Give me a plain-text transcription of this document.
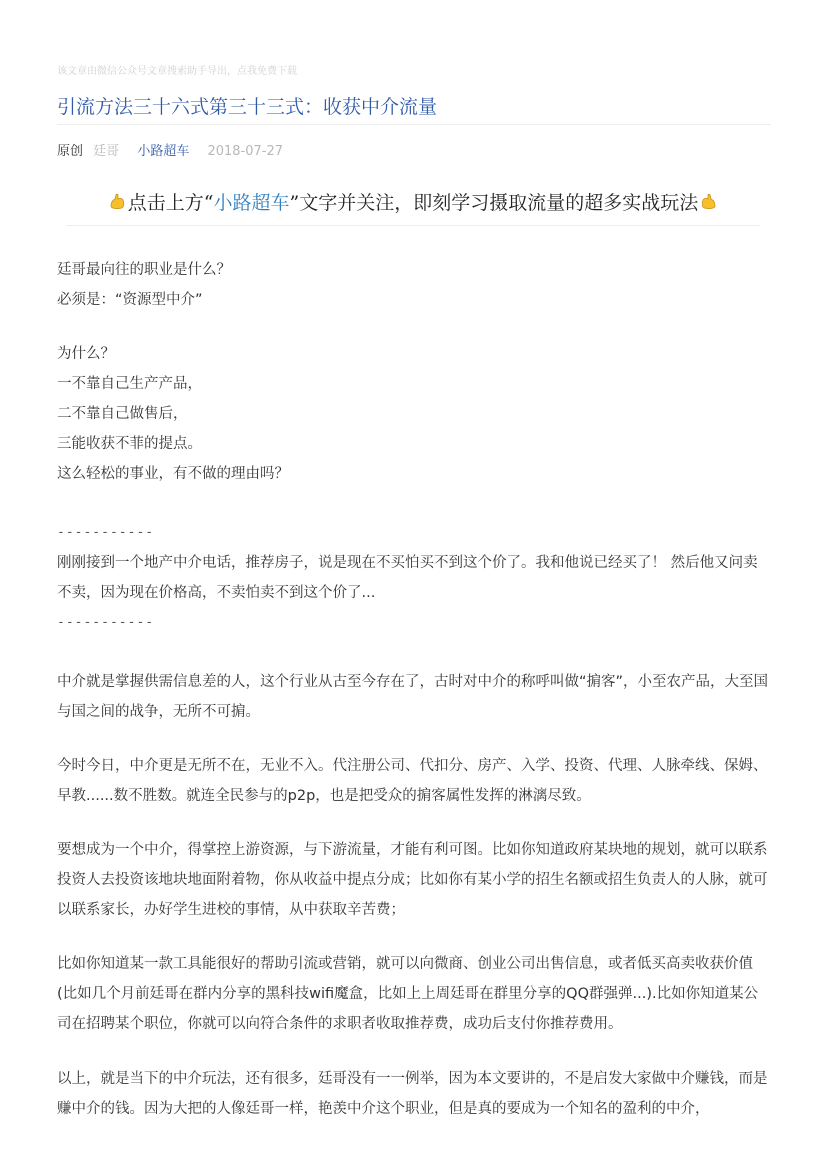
该文章由微信公众号文章搜索助手导出，点我免费下载
引流方法三十六式第三十三式：收获中介流量
原创 廷哥 小路超车 2018-07-27
点击上方“小路超车”文字并关注，即刻学习摄取流量的超多实战玩法
廷哥最向往的职业是什么？
必须是：“资源型中介”
为什么？
一不靠自己生产产品，
二不靠自己做售后，
三能收获不菲的提点。
这么轻松的事业，有不做的理由吗？
-----------
刚刚接到一个地产中介电话，推荐房子，说是现在不买怕买不到这个价了。我和他说已经买了！ 然后他又问卖不卖，因为现在价格高，不卖怕卖不到这个价了...
-----------
中介就是掌握供需信息差的人，这个行业从古至今存在了，古时对中介的称呼叫做“掮客”，小至农产品，大至国与国之间的战争，无所不可掮。
今时今日，中介更是无所不在，无业不入。代注册公司、代扣分、房产、入学、投资、代理、人脉牵线、保姆、早教......数不胜数。就连全民参与的p2p，也是把受众的掮客属性发挥的淋漓尽致。
要想成为一个中介，得掌控上游资源，与下游流量，才能有利可图。比如你知道政府某块地的规划，就可以联系投资人去投资该地块地面附着物，你从收益中提点分成；比如你有某小学的招生名额或招生负责人的人脉，就可以联系家长，办好学生进校的事情，从中获取辛苦费；
比如你知道某一款工具能很好的帮助引流或营销，就可以向微商、创业公司出售信息，或者低买高卖收获价值(比如几个月前廷哥在群内分享的黑科技wifi魔盒，比如上上周廷哥在群里分享的QQ群强弹...).比如你知道某公司在招聘某个职位，你就可以向符合条件的求职者收取推荐费，成功后支付你推荐费用。
以上，就是当下的中介玩法，还有很多，廷哥没有一一例举，因为本文要讲的，不是启发大家做中介赚钱，而是赚中介的钱。因为大把的人像廷哥一样，艳羡中介这个职业，但是真的要成为一个知名的盈利的中介，
